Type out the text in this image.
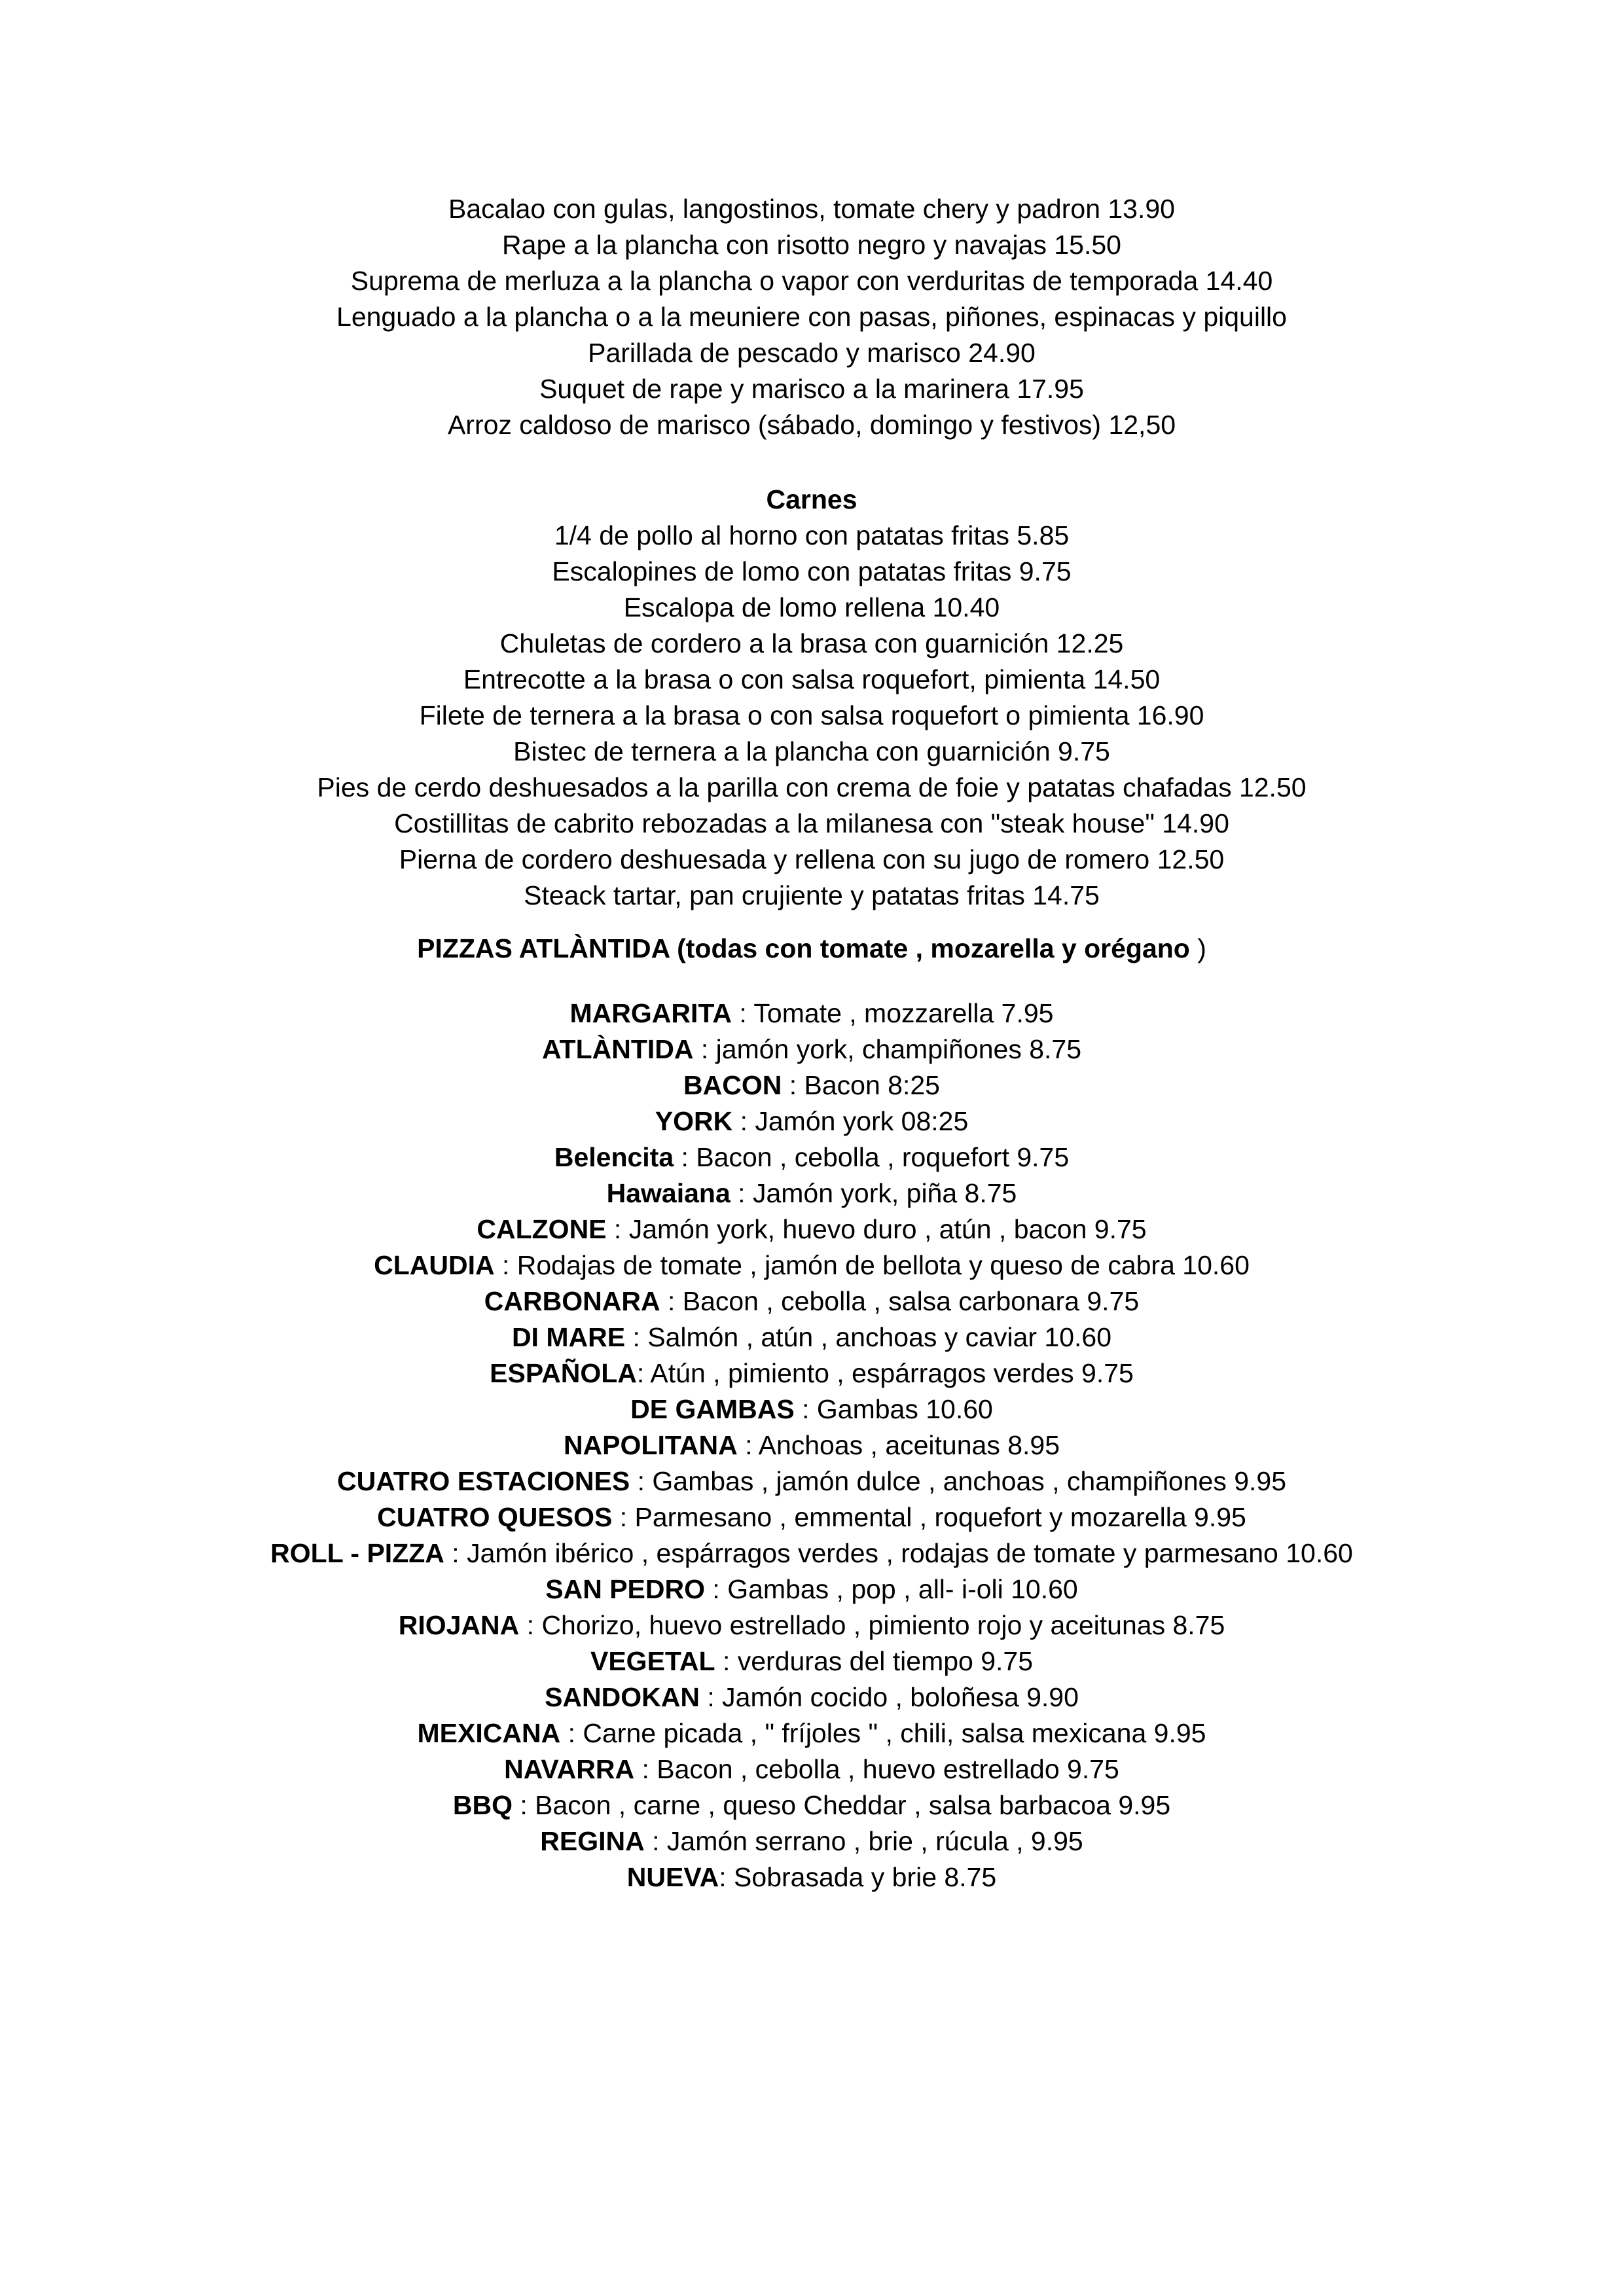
Bacalao con gulas, langostinos, tomate chery y padron 13.90

Rape a la plancha con risotto negro y navajas 15.50

Suprema de merluza a la plancha o vapor con verduritas de temporada 14.40

Lenguado a la plancha o a la meuniere con pasas, piñones, espinacas y piquillo

Parillada de pescado y marisco 24.90

Suquet de rape y marisco a la marinera 17.95

Arroz caldoso de marisco (sábado, domingo y festivos) 12,50

Carnes

1/4 de pollo al horno con patatas fritas 5.85

Escalopines de lomo con patatas fritas 9.75

Escalopa de lomo rellena 10.40

Chuletas de cordero a la brasa con guarnición 12.25

Entrecotte a la brasa o con salsa roquefort, pimienta 14.50

Filete de ternera a la brasa o con salsa roquefort o pimienta 16.90

Bistec de ternera a la plancha con guarnición 9.75

Pies de cerdo deshuesados a la parilla con crema de foie y patatas chafadas 12.50

Costillitas de cabrito rebozadas a la milanesa con "steak house" 14.90

Pierna de cordero deshuesada y rellena con su jugo de romero 12.50

Steack tartar, pan crujiente y patatas fritas 14.75

PIZZAS ATLÀNTIDA (todas con tomate , mozarella y orégano )

MARGARITA : Tomate , mozzarella 7.95

ATLÀNTIDA : jamón york, champiñones 8.75

BACON : Bacon 8:25

YORK : Jamón york 08:25

Belencita : Bacon , cebolla , roquefort 9.75

Hawaiana : Jamón york, piña 8.75

CALZONE : Jamón york, huevo duro , atún , bacon 9.75

CLAUDIA : Rodajas de tomate , jamón de bellota y queso de cabra 10.60

CARBONARA : Bacon , cebolla , salsa carbonara 9.75

DI MARE : Salmón , atún , anchoas y caviar 10.60

ESPAÑOLA: Atún , pimiento , espárragos verdes 9.75

DE GAMBAS : Gambas 10.60

NAPOLITANA : Anchoas , aceitunas 8.95

CUATRO ESTACIONES : Gambas , jamón dulce , anchoas , champiñones 9.95

CUATRO QUESOS : Parmesano , emmental , roquefort y mozarella 9.95

ROLL - PIZZA : Jamón ibérico , espárragos verdes , rodajas de tomate y parmesano 10.60

SAN PEDRO : Gambas , pop , all- i-oli 10.60

RIOJANA : Chorizo, huevo estrellado , pimiento rojo y aceitunas 8.75

VEGETAL : verduras del tiempo 9.75

SANDOKAN : Jamón cocido , boloñesa 9.90

MEXICANA : Carne picada , " fríjoles " , chili, salsa mexicana 9.95

NAVARRA : Bacon , cebolla , huevo estrellado 9.75

BBQ : Bacon , carne , queso Cheddar , salsa barbacoa 9.95

REGINA : Jamón serrano , brie , rúcula , 9.95

NUEVA: Sobrasada y brie 8.75
